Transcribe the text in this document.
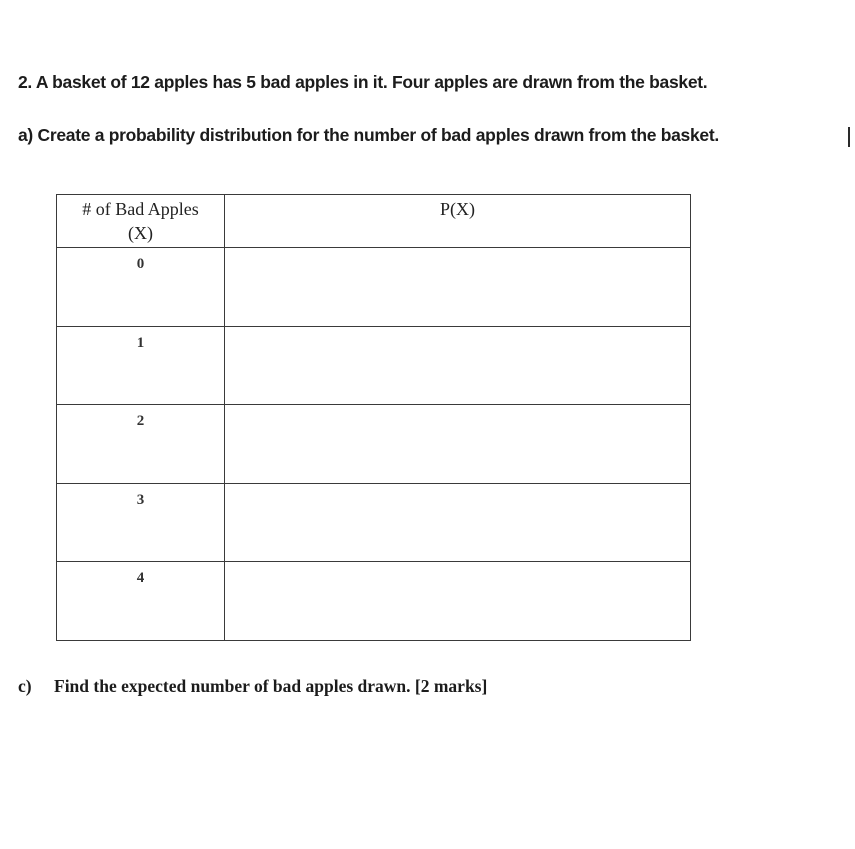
2. A basket of 12 apples has 5 bad apples in it. Four apples are drawn from the basket.
a) Create a probability distribution for the number of bad apples drawn from the basket.
# of Bad Apples
(X)	P(X)
0	
1	
2	
3	
4	
c) Find the expected number of bad apples drawn. [2 marks]
